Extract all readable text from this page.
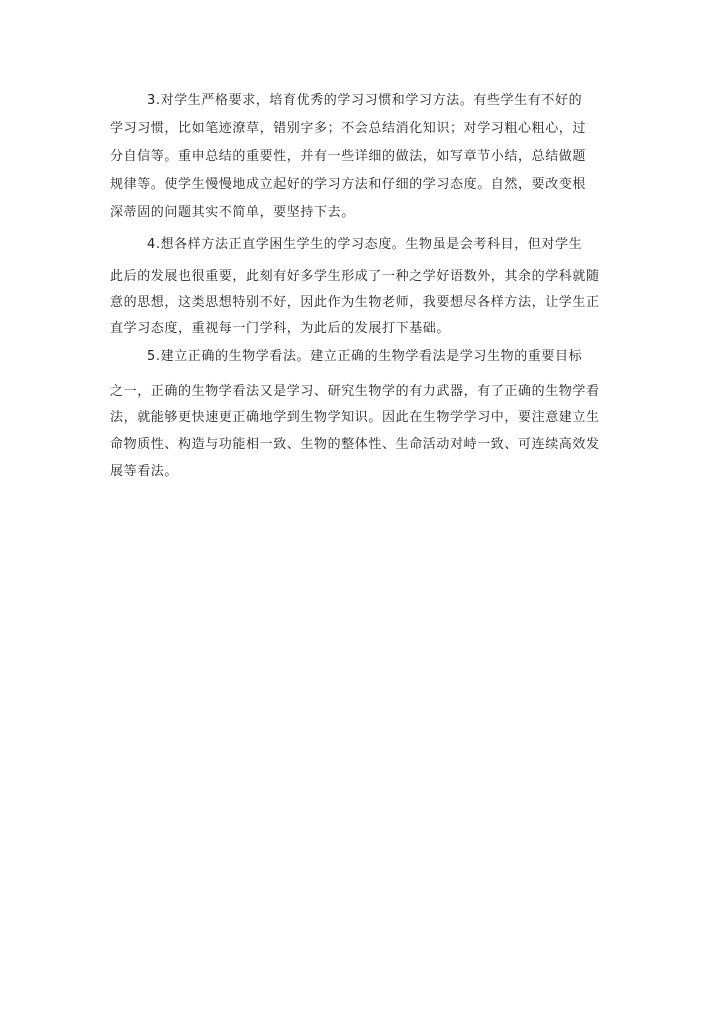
3.对学生严格要求，培育优秀的学习习惯和学习方法。有些学生有不好的
学习习惯，比如笔迹潦草，错别字多；不会总结消化知识；对学习粗心粗心，过
分自信等。重申总结的重要性，并有一些详细的做法，如写章节小结，总结做题
规律等。使学生慢慢地成立起好的学习方法和仔细的学习态度。自然，要改变根
深蒂固的问题其实不简单，要坚持下去。
4.想各样方法正直学困生学生的学习态度。生物虽是会考科目，但对学生
此后的发展也很重要，此刻有好多学生形成了一种之学好语数外，其余的学科就随
意的思想，这类思想特别不好，因此作为生物老师，我要想尽各样方法，让学生正
直学习态度，重视每一门学科，为此后的发展打下基础。
5.建立正确的生物学看法。建立正确的生物学看法是学习生物的重要目标
之一，正确的生物学看法又是学习、研究生物学的有力武器，有了正确的生物学看
法，就能够更快速更正确地学到生物学知识。因此在生物学学习中，要注意建立生
命物质性、构造与功能相一致、生物的整体性、生命活动对峙一致、可连续高效发
展等看法。
